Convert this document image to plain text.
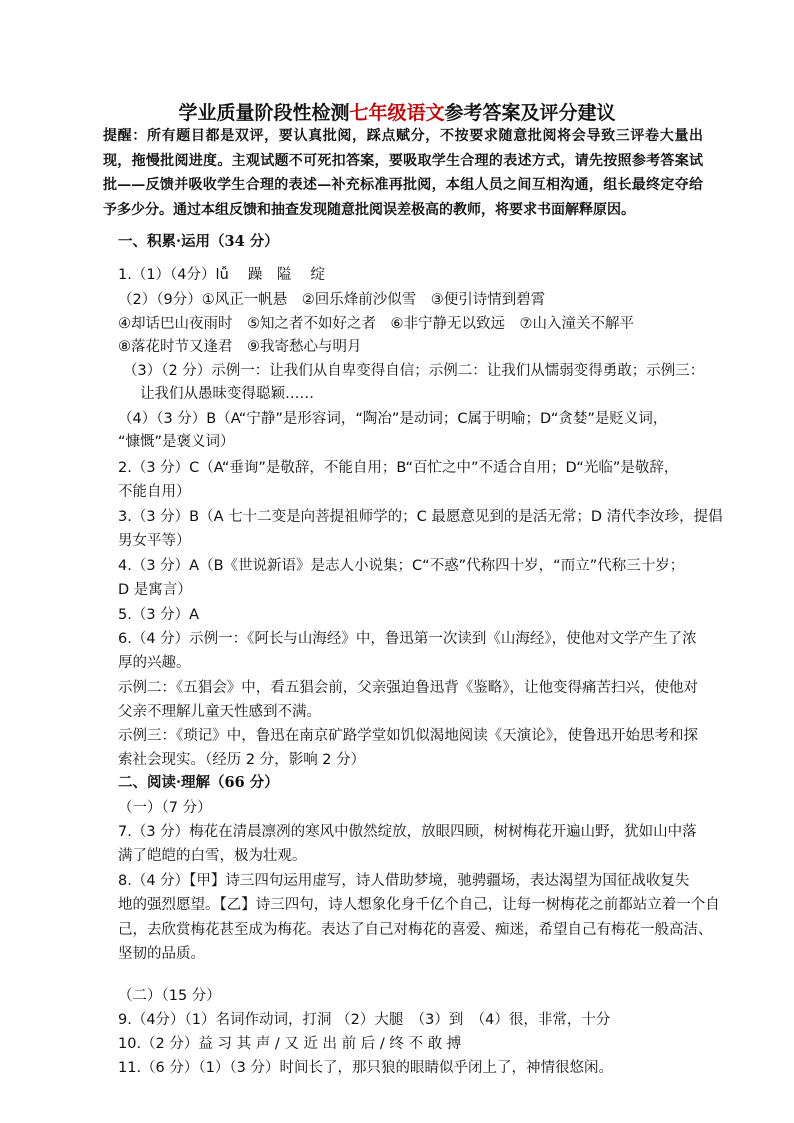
学业质量阶段性检测七年级语文参考答案及评分建议
提醒：所有题目都是双评，要认真批阅，踩点赋分，不按要求随意批阅将会导致三评卷大量出现，拖慢批阅进度。主观试题不可死扣答案，要吸取学生合理的表述方式，请先按照参考答案试批——反馈并吸收学生合理的表述—补充标准再批阅，本组人员之间互相沟通，组长最终定夺给予多少分。通过本组反馈和抽查发现随意批阅误差极高的教师，将要求书面解释原因。
一、积累·运用（34 分）
1.（1）（4分）lǚ　 躁　隘　 绽
（2）（9分）①风正一帆悬　②回乐烽前沙似雪　③便引诗情到碧霄
④却话巴山夜雨时　⑤知之者不如好之者　⑥非宁静无以致远　⑦山入潼关不解平
⑧落花时节又逢君　⑨我寄愁心与明月
（3）（2 分）示例一：让我们从自卑变得自信；示例二：让我们从懦弱变得勇敢；示例三：
让我们从愚昧变得聪颖……
（4）（3 分）B（A“宁静”是形容词，“陶冶”是动词；C属于明喻；D“贪婪”是贬义词，
“慷慨”是褒义词）
2.（3 分）C（A“垂询”是敬辞，不能自用；B“百忙之中”不适合自用；D“光临”是敬辞，
不能自用）
3.（3 分）B（A 七十二变是向菩提祖师学的；C 最愿意见到的是活无常；D 清代李汝珍，提倡
男女平等）
4.（3 分）A（B《世说新语》是志人小说集；C“不惑”代称四十岁，“而立”代称三十岁；
D 是寓言）
5.（3 分）A
6.（4 分）示例一：《阿长与山海经》中，鲁迅第一次读到《山海经》，使他对文学产生了浓
厚的兴趣。
示例二：《五猖会》中，看五猖会前，父亲强迫鲁迅背《鉴略》，让他变得痛苦扫兴，使他对
父亲不理解儿童天性感到不满。
示例三：《琐记》中，鲁迅在南京矿路学堂如饥似渴地阅读《天演论》，使鲁迅开始思考和探
索社会现实。（经历 2 分，影响 2 分）
二、阅读·理解（66 分）
（一）（7 分）
7.（3 分）梅花在清晨凛冽的寒风中傲然绽放，放眼四顾，树树梅花开遍山野，犹如山中落
满了皑皑的白雪，极为壮观。
8.（4 分）【甲】诗三四句运用虚写，诗人借助梦境，驰骋疆场，表达渴望为国征战收复失
地的强烈愿望。【乙】诗三四句，诗人想象化身千亿个自己，让每一树梅花之前都站立着一个自
己，去欣赏梅花甚至成为梅花。表达了自己对梅花的喜爱、痴迷，希望自己有梅花一般高洁、
坚韧的品质。
（二）（15 分）
9.（4分）（1）名词作动词，打洞 （2）大腿　（3）到　（4）很，非常，十分
10.（2 分）益 习 其 声 / 又 近 出 前 后 / 终 不 敢 搏
11.（6 分）（1）（3 分）时间长了，那只狼的眼睛似乎闭上了，神情很悠闲。
